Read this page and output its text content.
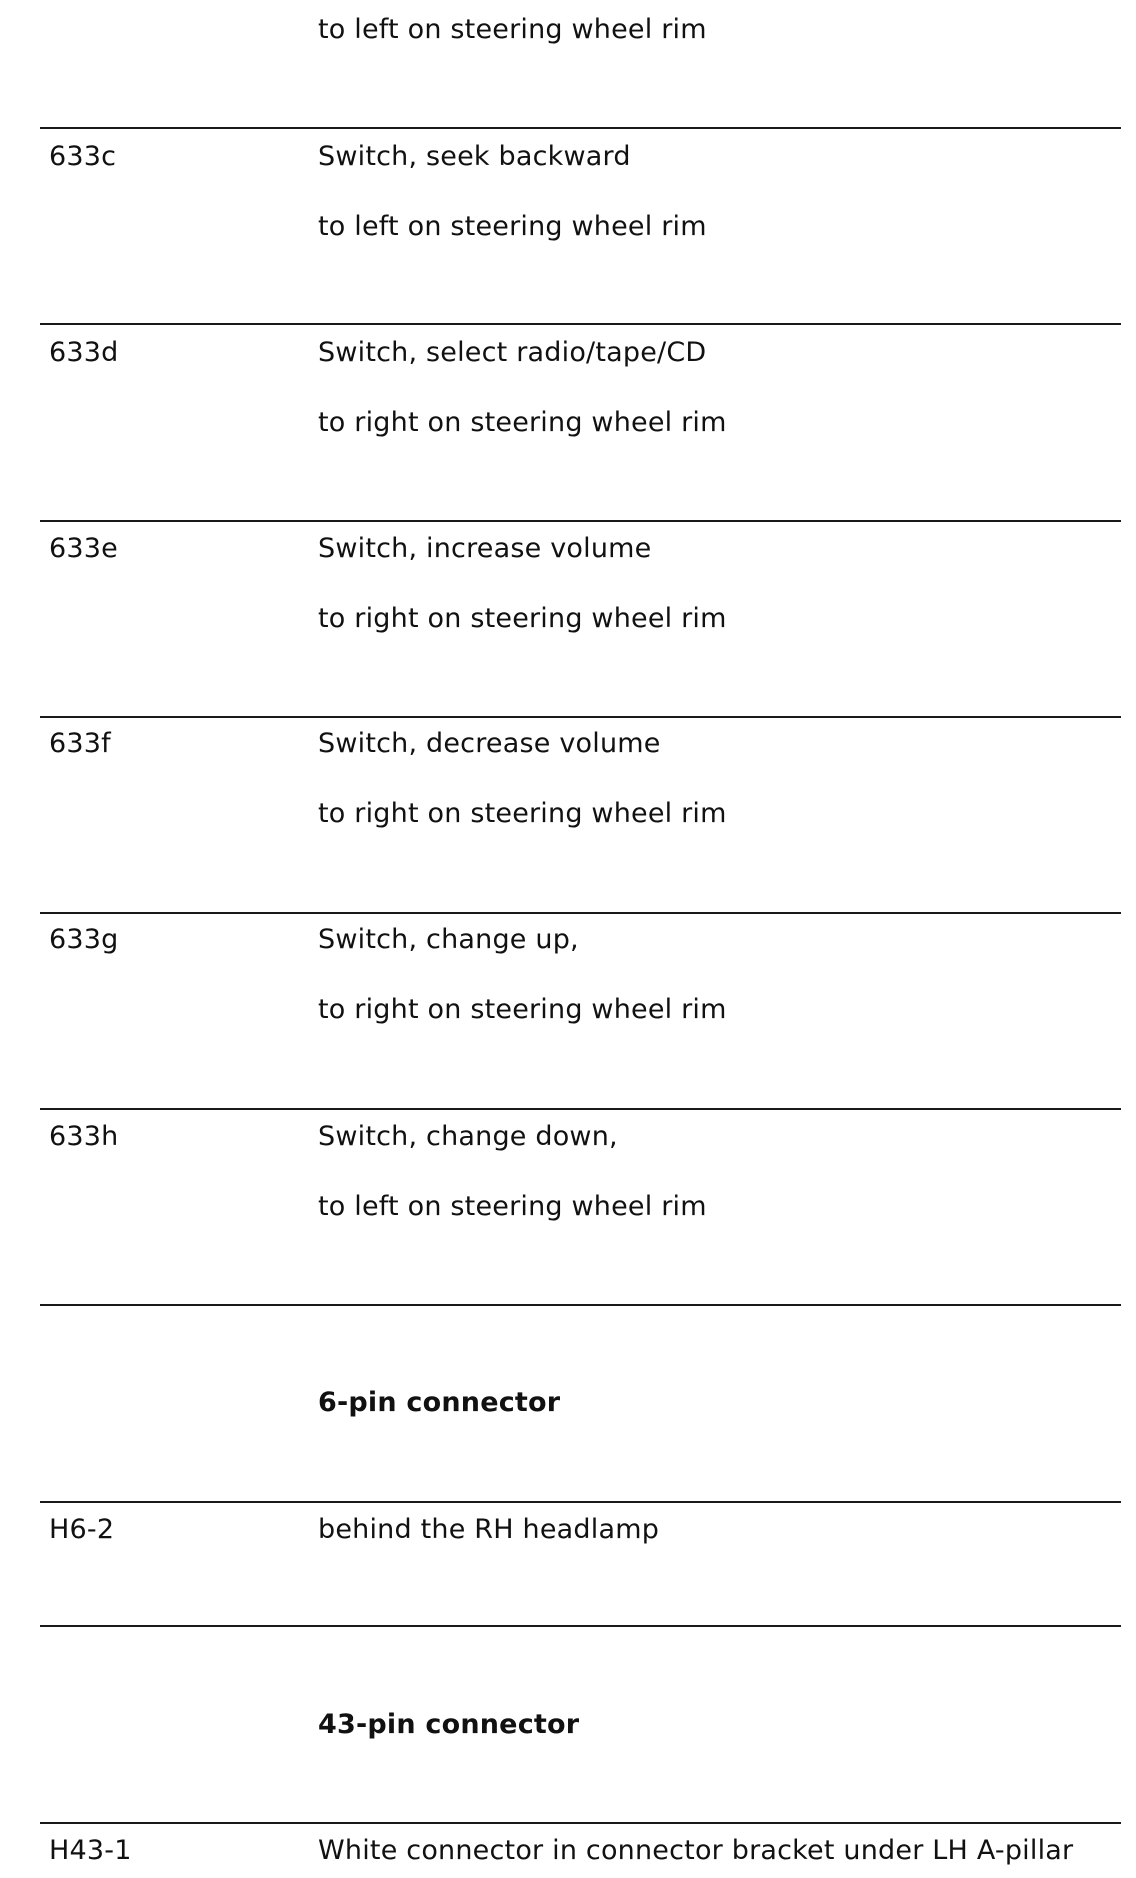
to left on steering wheel rim
633c	Switch, seek backward
to left on steering wheel rim
633d	Switch, select radio/tape/CD
to right on steering wheel rim
633e	Switch, increase volume
to right on steering wheel rim
633f	Switch, decrease volume
to right on steering wheel rim
633g	Switch, change up,
to right on steering wheel rim
633h	Switch, change down,
to left on steering wheel rim
6-pin connector
H6-2	behind the RH headlamp
43-pin connector
H43-1	White connector in connector bracket under LH A-pillar
